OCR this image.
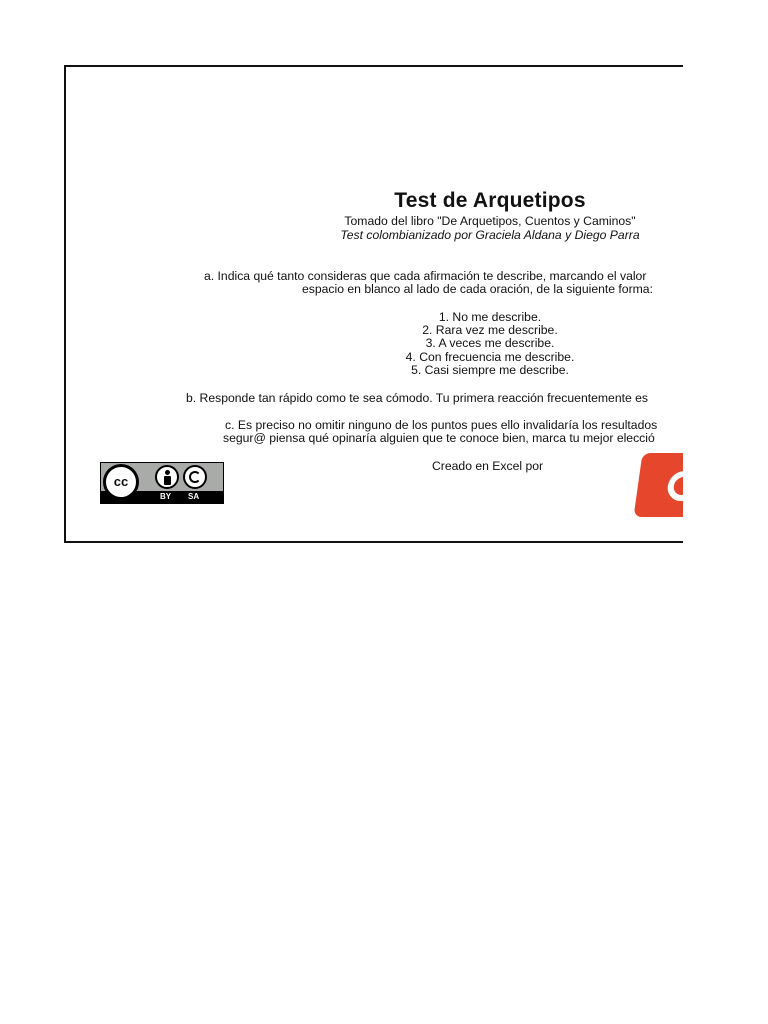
Test de Arquetipos
Tomado del libro "De Arquetipos, Cuentos y Caminos"
Test colombianizado por Graciela Aldana y Diego Parra
a. Indica qué tanto consideras que cada afirmación te describe, marcando el valor
espacio en blanco al lado de cada oración, de la siguiente forma:
1. No me describe.
2. Rara vez me describe.
3. A veces me describe.
4. Con frecuencia me describe.
5. Casi siempre me describe.
b. Responde tan rápido como te sea cómodo. Tu primera reacción frecuentemente es
c. Es preciso no omitir ninguno de los puntos pues ello invalidaría los resultados
segur@ piensa qué opinaría alguien que te conoce bien, marca tu mejor elecció
Creado en Excel por
cc
BY SA
